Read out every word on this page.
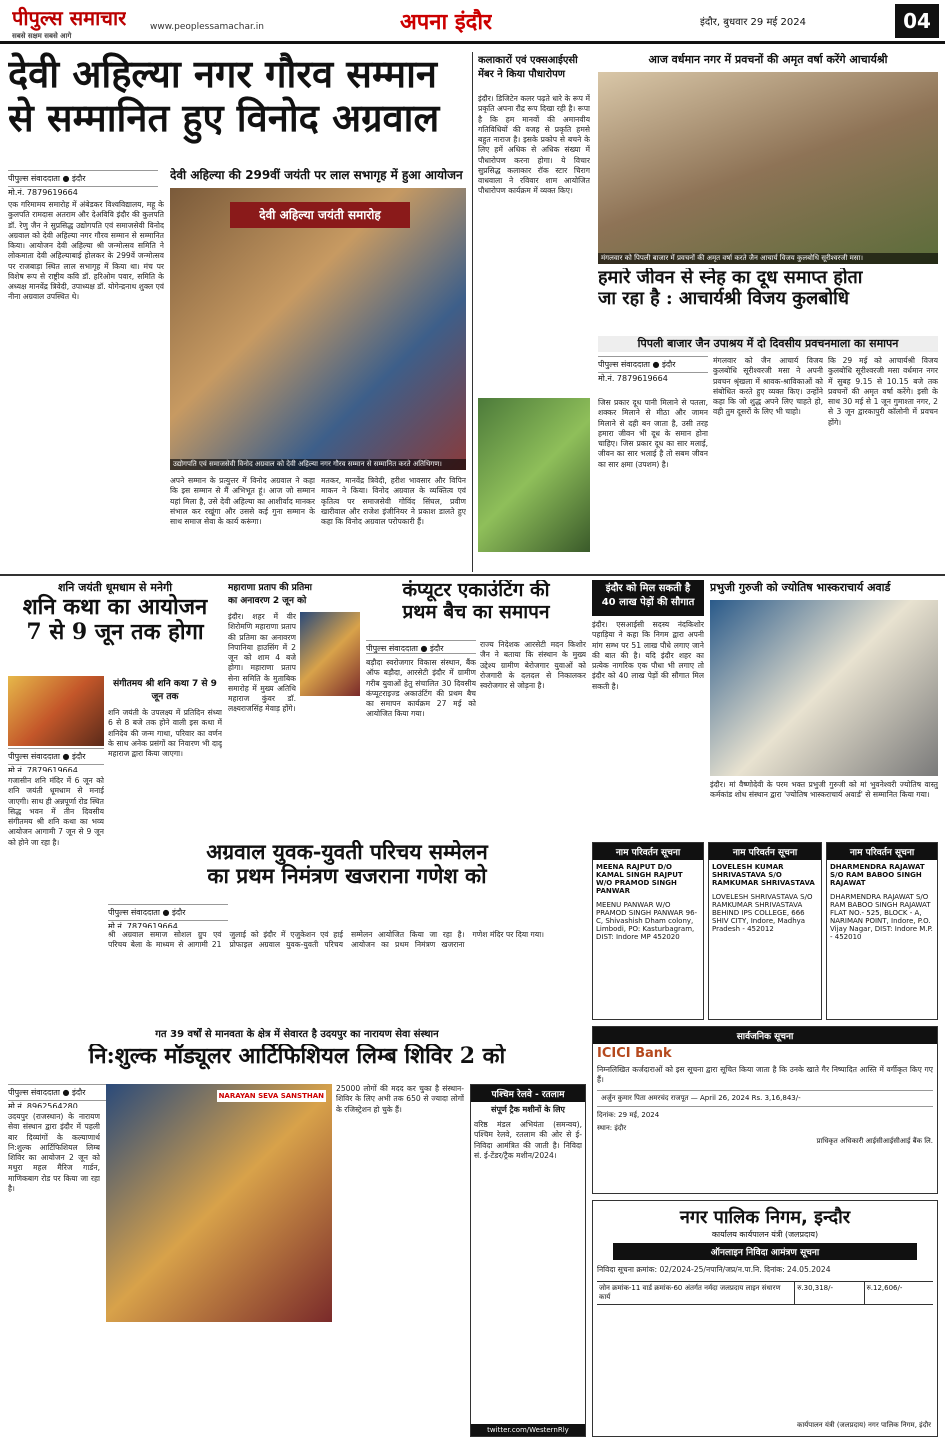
पीपुल्स समाचार
सबसे सक्षम सबसे आगे
www.peoplessamachar.in	अपना इंदौर	इंदौर, बुधवार 29 मई 2024	04
देवी अहिल्या नगर गौरव सम्मान
से सम्मानित हुए विनोद अग्रवाल
पीपुल्स संवाददाता ● इंदौर
मो.नं. 7879619664
देवी अहिल्या की 299वीं जयंती पर लाल सभागृह में हुआ आयोजन
देवी अहिल्या जयंती समारोह
उद्योगपति एवं समाजसेवी विनोद अग्रवाल को देवी अहिल्या नगर गौरव सम्मान से सम्मानित करते अतिथिगण।
एक गरिमामय समारोह में अंबेडकर विश्वविद्यालय, महू के कुलपति रामदास अतराम और देअविवि इंदौर की कुलपति डॉ. रेणु जैन ने सुप्रसिद्ध उद्योगपति एवं समाजसेवी विनोद अग्रवाल को देवी अहिल्या नगर गौरव सम्मान से सम्मानित किया। आयोजन देवी अहिल्या श्री जन्मोत्सव समिति ने लोकमाता देवी अहिल्याबाई होलकर के 299वें जन्मोत्सव पर राजबाड़ा स्थित लाल सभागृह में किया था। मंच पर विशेष रूप से राष्ट्रीय कवि डॉ. हरिओम पवार, समिति के अध्यक्ष मानवेंद्र त्रिवेदी, उपाध्यक्ष डॉ. योगेन्द्रनाथ शुक्ल एवं नीना अग्रवाल उपस्थित थे।
अपने सम्मान के प्रत्युत्तर में विनोद अग्रवाल ने कहा कि इस सम्मान से मैं अभिभूत हूं। आज जो सम्मान यहां मिला है, उसे देवी अहिल्या का आशीर्वाद मानकर संभाल कर रखूंगा और उससे कई गुना सम्मान के साथ समाज सेवा के कार्य करूंगा।
मतकर, मानवेंद्र त्रिवेदी, हरीश भावसार और विपिन माकन ने किया। विनोद अग्रवाल के व्यक्तित्व एवं कृतित्व पर समाजसेवी गोविंद सिंघल, प्रवीण खारीवाल और राजेश इंजीनियर ने प्रकाश डालते हुए कहा कि विनोद अग्रवाल परोपकारी हैं।
कलाकारों एवं एक्सआईएसी
मेंबर ने किया पौधारोपण
इंदौर। डिजिटेन कलर पढ़ते धारे के रूप में प्रकृति अपना रौद्र रूप दिखा रही है। रूपा है कि हम मानवों की अमानवीय गतिविधियों की वजह से प्रकृति हमसे बहुत नाराज है। इसके प्रकोप से बचने के लिए हमें अधिक से अधिक संख्या में पौधारोपण करना होगा। ये विचार सुप्रसिद्ध कलाकार रॉक स्टार चिराग वाधवाला ने रविवार शाम आयोजित पौधारोपण कार्यक्रम में व्यक्त किए।
आज वर्धमान नगर में प्रवचनों की अमृत वर्षा करेंगे आचार्यश्री
मंगलवार को पिपली बाजार में प्रवचनों की अमृत वर्षा करते जैन आचार्य विजय कुलबोधि सूरीश्वरजी मसा।
हमारे जीवन से स्नेह का दूध समाप्त होता
जा रहा है : आचार्यश्री विजय कुलबोधि
पिपली बाजार जैन उपाश्रय में दो दिवसीय प्रवचनमाला का समापन
पीपुल्स संवाददाता ● इंदौर
मो.नं. 7879619664
जिस प्रकार दूध पानी मिलाने से पतला, शक्कर मिलाने से मीठा और जामन मिलाने से दही बन जाता है, उसी तरह हमारा जीवन भी दूध के समान होना चाहिए। जिस प्रकार दूध का सार मलाई, जीवन का सार भलाई है तो सबम जीवन का सार क्षमा (उपशम) है।
मंगलवार को जैन आचार्य विजय कुलबोधि सूरीश्वरजी मसा ने अपनी प्रवचन श्रृंखला में श्रावक-श्राविकाओं को संबोधित करते हुए व्यक्त किए। उन्होंने कहा कि जो शुद्ध अपने लिए चाहते हो, वही तुम दूसरों के लिए भी चाहो।
कि 29 मई को आचार्यश्री विजय कुलबोधि सूरीश्वरजी मसा वर्धमान नगर में सुबह 9.15 से 10.15 बजे तक प्रवचनों की अमृत वर्षा करेंगे। इसी के साथ 30 मई से 1 जून गुमाश्ता नगर, 2 से 3 जून द्वारकापुरी कॉलोनी में प्रवचन होंगे।
शनि जयंती धूमधाम से मनेगी
शनि कथा का आयोजन
7 से 9 जून तक होगा
संगीतमय श्री शनि कथा 7 से 9 जून तक
पीपुल्स संवाददाता ● इंदौर
मो.नं. 7879619664
शनि जयंती के उपलक्ष्य में प्रतिदिन संध्या 6 से 8 बजे तक होने वाली इस कथा में शनिदेव की जन्म गाथा, परिवार का वर्णन के साथ अनेक प्रसंगों का निवारण भी दादू महाराज द्वारा किया जाएगा।
गजासीन शनि मंदिर में 6 जून को शनि जयंती धूमधाम से मनाई जाएगी। साथ ही अन्नपूर्णा रोड स्थित सिद्ध भवन में तीन दिवसीय संगीतमय श्री शनि कथा का भव्य आयोजन आगामी 7 जून से 9 जून को होने जा रहा है।
महाराणा प्रताप की प्रतिमा
का अनावरण 2 जून को
इंदौर। शहर में वीर शिरोमणि महाराणा प्रताप की प्रतिमा का अनावरण निपानिया हाउसिंग में 2 जून को शाम 4 बजे होगा। महाराणा प्रताप सेना समिति के मुताबिक समारोह में मुख्य अतिथि महाराज कुंवर डॉ. लक्ष्यराजसिंह मेवाड़ होंगे।
कंप्यूटर एकाउंटिंग की
प्रथम बैच का समापन
पीपुल्स संवाददाता ● इंदौर
बड़ौदा स्वरोजगार विकास संस्थान, बैंक ऑफ बड़ौदा, आरसेटी इंदौर में ग्रामीण गरीब युवाओं हेतु संचालित 30 दिवसीय कंप्यूटराइज्ड अकाउंटिंग की प्रथम बैच का समापन कार्यक्रम 27 मई को आयोजित किया गया।
राज्य निदेशक आरसेटी मदन किशोर जैन ने बताया कि संस्थान के मुख्य उद्देश्य ग्रामीण बेरोजगार युवाओं को रोजगारी के दलदल से निकालकर स्वरोजगार से जोड़ना है।
इंदौर को मिल सकती है
40 लाख पेड़ों की सौगात
इंदौर। एसआईसी सदस्य नंदकिशोर पहाड़िया ने कहा कि निगम द्वारा अपनी मांग सम्भ पर 51 लाख पौधे लगाए जाने की बात की है। यदि इंदौर शहर का प्रत्येक नागरिक एक पौधा भी लगाए तो इंदौर को 40 लाख पेड़ों की सौगात मिल सकती है।
प्रभुजी गुरुजी को ज्योतिष भास्कराचार्य अवार्ड
इंदौर। मां वैष्णोदेवी के परम भक्त प्रभुजी गुरुजी को मां भुवनेश्वरी ज्योतिष वास्तु कर्मकांड शोध संस्थान द्वारा 'ज्योतिष भास्कराचार्य अवार्ड' से सम्मानित किया गया।
अग्रवाल युवक-युवती परिचय सम्मेलन
का प्रथम निमंत्रण खजराना गणेश को
पीपुल्स संवाददाता ● इंदौर
मो.नं. 7879619664
श्री अग्रवाल समाज सोशल ग्रुप एवं परिचय बेला के माध्यम से आगामी 21 जुलाई को इंदौर में एजुकेशन एवं हाई प्रोफाइल अग्रवाल युवक-युवती परिचय सम्मेलन आयोजित किया जा रहा है। आयोजन का प्रथम निमंत्रण खजराना गणेश मंदिर पर दिया गया।
गत 39 वर्षों से मानवता के क्षेत्र में सेवारत है उदयपुर का नारायण सेवा संस्थान
नि:शुल्क मॉड्यूलर आर्टिफिशियल लिम्ब शिविर 2 को
पीपुल्स संवाददाता ● इंदौर
मो.नं. 8962564280
उदयपुर (राजस्थान) के नारायण सेवा संस्थान द्वारा इंदौर में पहली बार दिव्यांगों के कल्याणार्थ नि:शुल्क आर्टिफिशियल लिम्ब शिविर का आयोजन 2 जून को मथुरा महल मैरिज गार्डन, माणिकबाग रोड पर किया जा रहा है।
NARAYAN SEVA SANSTHAN
25000 लोगों की मदद कर चुका है संस्थान- शिविर के लिए अभी तक 650 से ज्यादा लोगों के रजिस्ट्रेशन हो चुके हैं।
पश्चिम रेलवे - रतलाम
संपूर्ण ट्रैक मशीनों के लिए
वरिष्ठ मंडल अभियंता (समन्वय), पश्चिम रेलवे, रतलाम की ओर से ई-निविदा आमंत्रित की जाती है। निविदा सं. ई-टेंडर/ट्रैक मशीन/2024।
twitter.com/WesternRly
नाम परिवर्तन सूचना
MEENA RAJPUT D/O KAMAL SINGH RAJPUT W/O PRAMOD SINGH PANWAR
MEENU PANWAR W/O PRAMOD SINGH PANWAR 96-C, Shivashish Dham colony, Limbodi, PO: Kasturbagram, DIST: Indore MP 452020
नाम परिवर्तन सूचना
LOVELESH KUMAR SHRIVASTAVA S/O RAMKUMAR SHRIVASTAVA
LOVELESH SHRIVASTAVA S/O RAMKUMAR SHRIVASTAVA BEHIND IPS COLLEGE, 666 SHIV CITY, Indore, Madhya Pradesh - 452012
नाम परिवर्तन सूचना
DHARMENDRA RAJAWAT S/O RAM BABOO SINGH RAJAWAT
DHARMENDRA RAJAWAT S/O RAM BABOO SINGH RAJAWAT FLAT NO.- 525, BLOCK - A, NARIMAN POINT, Indore, P.O. Vijay Nagar, DIST: Indore M.P. - 452010
सार्वजनिक सूचना
ICICI Bank
निम्नलिखित कर्जदाराओं को इस सूचना द्वारा सूचित किया जाता है कि उनके खाते गैर निष्पादित आस्ति में वर्गीकृत किए गए हैं।
अर्जुन कुमार पिता अमरचंद राजपूत — April 26, 2024 Rs. 3,16,843/-
दिनांक: 29 मई, 2024
स्थान: इंदौर
प्राधिकृत अधिकारी आईसीआईसीआई बैंक लि.
नगर पालिक निगम, इन्दौर
कार्यालय कार्यपालन यंत्री (जलप्रदाय)
ऑनलाइन निविदा आमंत्रण सूचना
निविदा सूचना क्रमांक: 02/2024-25/नपानि/जप्र/न.पा.नि. दिनांक: 24.05.2024
जोन क्रमांक-11 वार्ड क्रमांक-60 अंतर्गत नर्मदा जलप्रदाय लाइन संधारण कार्य
रु.30,318/-	रु.12,606/-
कार्यपालन यंत्री (जलप्रदाय) नगर पालिक निगम, इंदौर
